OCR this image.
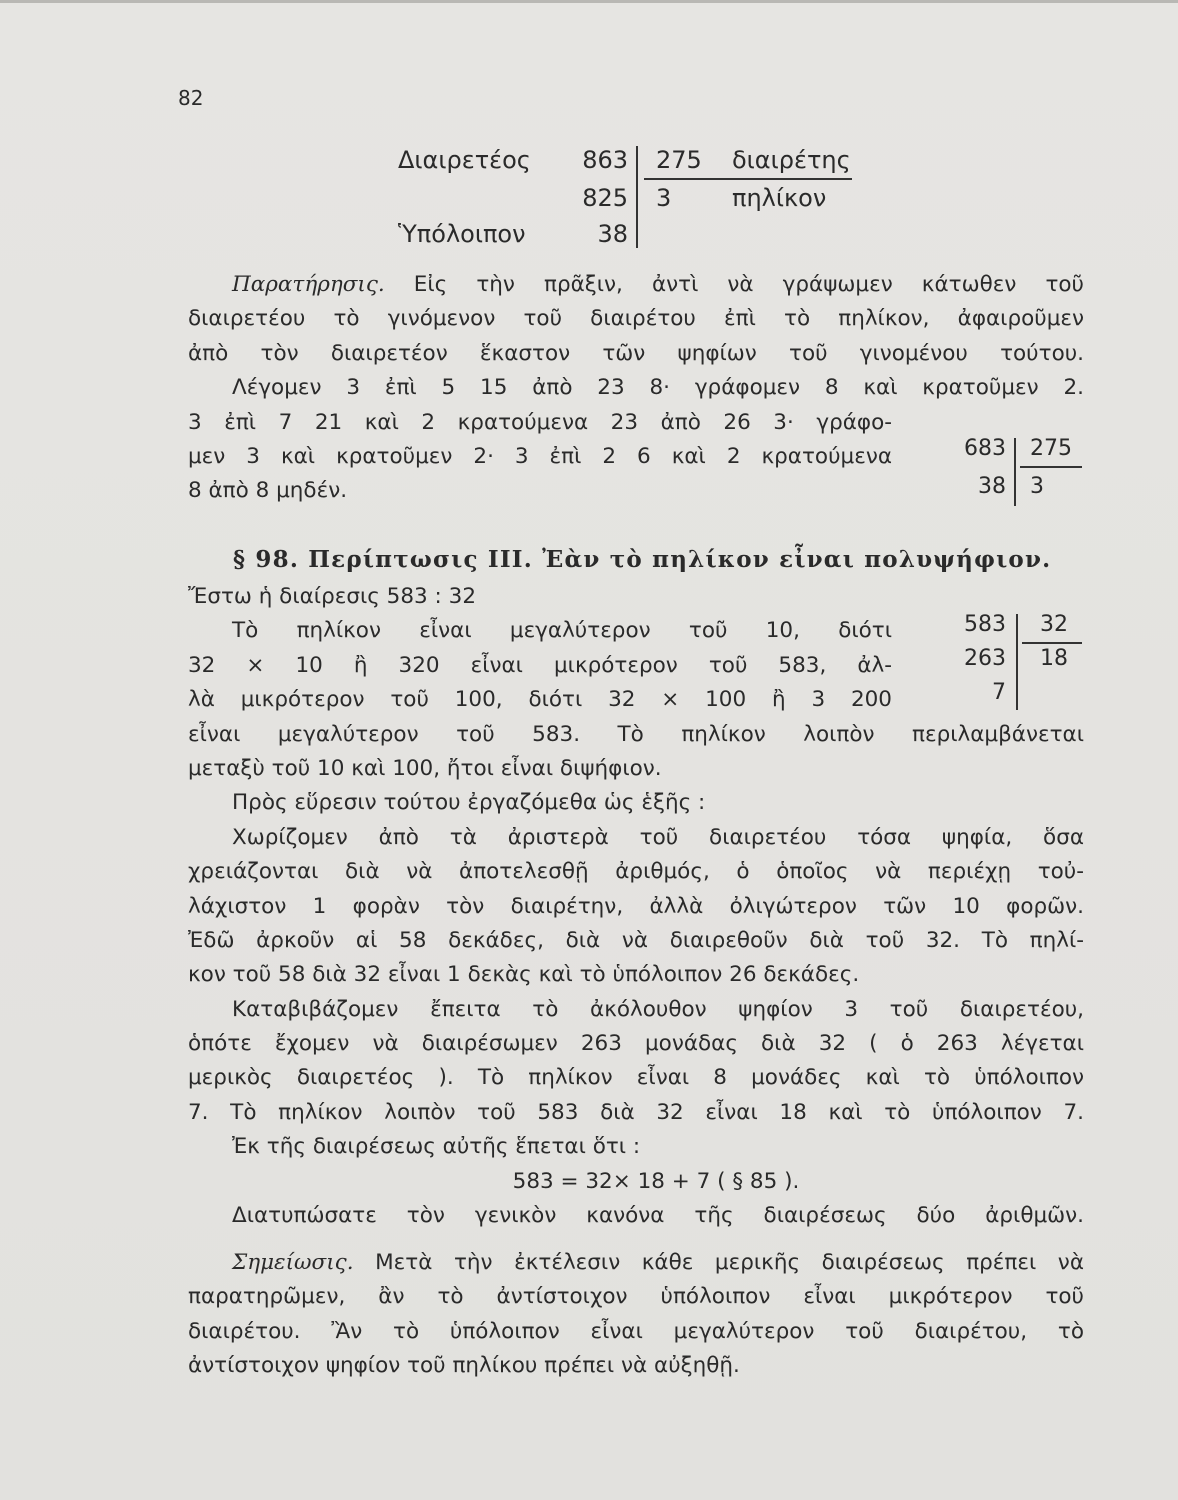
82
Διαιρετέος 863
825
Ὑπόλοιπον	38
275 διαιρέτης
3	πηλίκον
Παρατήρησις. Εἰς τὴν πρᾶξιν, ἀντὶ νὰ γράψωμεν κάτωθεν τοῦ
διαιρετέου τὸ γινόμενον τοῦ διαιρέτου ἐπὶ τὸ πηλίκον, ἀφαιροῦμεν
ἀπὸ τὸν διαιρετέον ἕκαστον τῶν ψηφίων τοῦ γινομένου τούτου.
Λέγομεν 3 ἐπὶ 5 15 ἀπὸ 23 8· γράφομεν 8 καὶ κρατοῦμεν 2.
3 ἐπὶ 7 21 καὶ 2 κρατούμενα 23 ἀπὸ 26 3· γράφο-
μεν 3 καὶ κρατοῦμεν 2· 3 ἐπὶ 2 6 καὶ 2 κρατούμενα
8 ἀπὸ 8 μηδέν.
683
38
275
3
§ 98. Περίπτωσις III. Ἐὰν τὸ πηλίκον εἶναι πολυψήφιον.
Ἔστω ἡ διαίρεσις 583 : 32
Τὸ πηλίκον εἶναι μεγαλύτερον τοῦ 10, διότι
32 × 10 ἢ 320 εἶναι μικρότερον τοῦ 583, ἀλ-
λὰ μικρότερον τοῦ 100, διότι 32 × 100 ἢ 3 200
εἶναι μεγαλύτερον τοῦ 583. Τὸ πηλίκον λοιπὸν περιλαμβάνεται
μεταξὺ τοῦ 10 καὶ 100, ἤτοι εἶναι διψήφιον.
Πρὸς εὕρεσιν τούτου ἐργαζόμεθα ὡς ἑξῆς :
Χωρίζομεν ἀπὸ τὰ ἀριστερὰ τοῦ διαιρετέου τόσα ψηφία, ὅσα
χρειάζονται διὰ νὰ ἀποτελεσθῇ ἀριθμός, ὁ ὁποῖος νὰ περιέχῃ τοὐ-
λάχιστον 1 φορὰν τὸν διαιρέτην, ἀλλὰ ὀλιγώτερον τῶν 10 φορῶν.
Ἐδῶ ἀρκοῦν αἱ 58 δεκάδες, διὰ νὰ διαιρεθοῦν διὰ τοῦ 32. Τὸ πηλί-
κον τοῦ 58 διὰ 32 εἶναι 1 δεκὰς καὶ τὸ ὑπόλοιπον 26 δεκάδες.
Καταβιβάζομεν ἔπειτα τὸ ἀκόλουθον ψηφίον 3 τοῦ διαιρετέου,
ὁπότε ἔχομεν νὰ διαιρέσωμεν 263 μονάδας διὰ 32 ( ὁ 263 λέγεται
μερικὸς διαιρετέος ). Τὸ πηλίκον εἶναι 8 μονάδες καὶ τὸ ὑπόλοιπον
7. Τὸ πηλίκον λοιπὸν τοῦ 583 διὰ 32 εἶναι 18 καὶ τὸ ὑπόλοιπον 7.
Ἐκ τῆς διαιρέσεως αὐτῆς ἕπεται ὅτι :
583 = 32× 18 + 7 ( § 85 ).
Διατυπώσατε τὸν γενικὸν κανόνα τῆς διαιρέσεως δύο ἀριθμῶν.
583
263
7
32
18
Σημείωσις. Μετὰ τὴν ἐκτέλεσιν κάθε μερικῆς διαιρέσεως πρέπει νὰ
παρατηρῶμεν, ἂν τὸ ἀντίστοιχον ὑπόλοιπον εἶναι μικρότερον τοῦ
διαιρέτου. Ἂν τὸ ὑπόλοιπον εἶναι μεγαλύτερον τοῦ διαιρέτου, τὸ
ἀντίστοιχον ψηφίον τοῦ πηλίκου πρέπει νὰ αὐξηθῇ.
